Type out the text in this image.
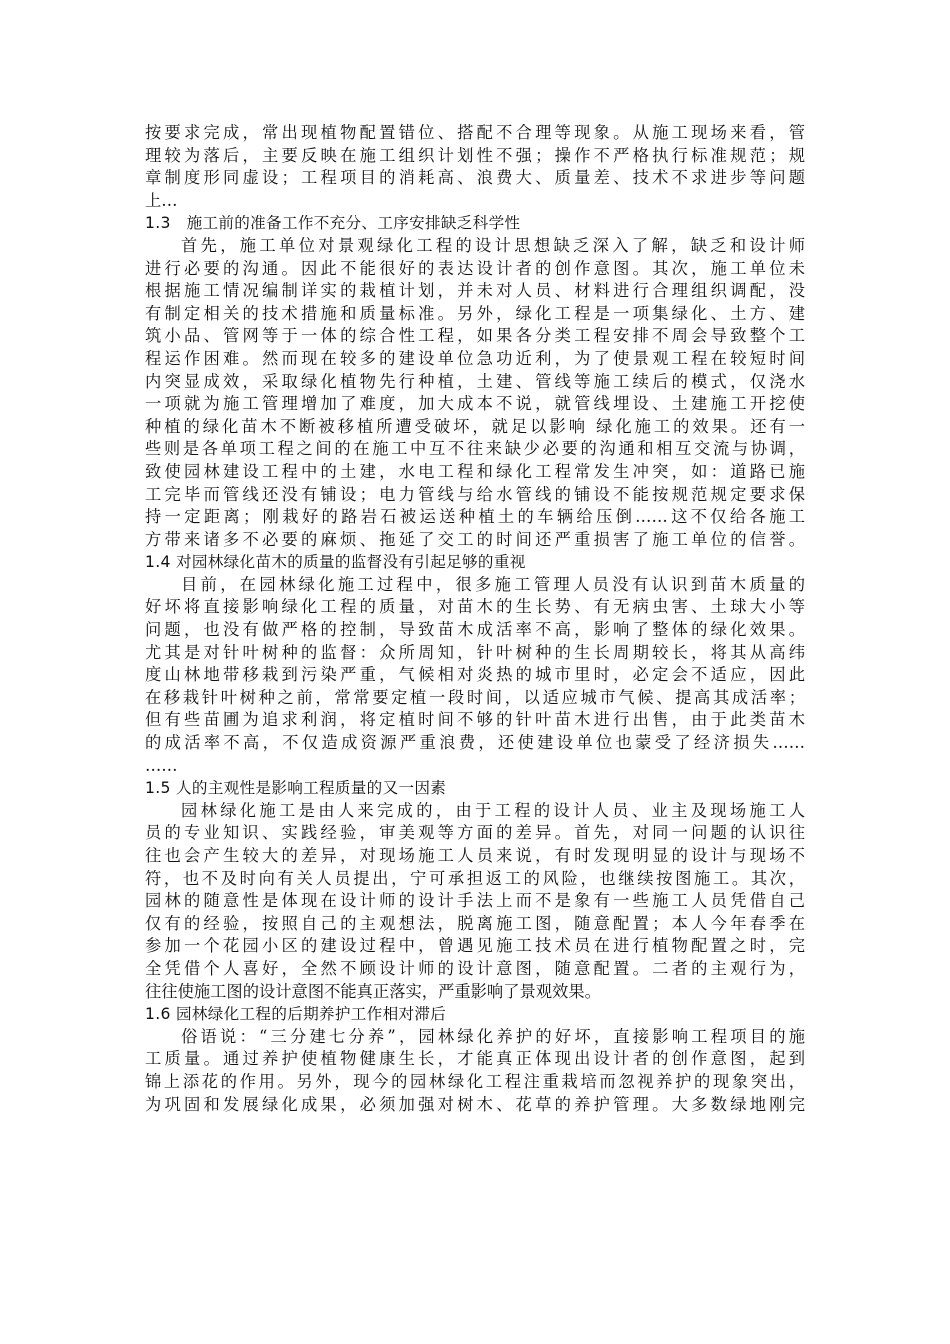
按要求完成，常出现植物配置错位、搭配不合理等现象。从施工现场来看，管
理较为落后，主要反映在施工组织计划性不强；操作不严格执行标准规范；规
章制度形同虚设；工程项目的消耗高、浪费大、质量差、技术不求进步等问题
上…
1.3　施工前的准备工作不充分、工序安排缺乏科学性
首先，施工单位对景观绿化工程的设计思想缺乏深入了解，缺乏和设计师
进行必要的沟通。因此不能很好的表达设计者的创作意图。其次，施工单位未
根据施工情况编制详实的栽植计划，并未对人员、材料进行合理组织调配，没
有制定相关的技术措施和质量标准。另外，绿化工程是一项集绿化、土方、建
筑小品、管网等于一体的综合性工程，如果各分类工程安排不周会导致整个工
程运作困难。然而现在较多的建设单位急功近利，为了使景观工程在较短时间
内突显成效，采取绿化植物先行种植，土建、管线等施工续后的模式，仅浇水
一项就为施工管理增加了难度，加大成本不说，就管线埋设、土建施工开挖使
种植的绿化苗木不断被移植所遭受破坏，就足以影响 绿化施工的效果。还有一
些则是各单项工程之间的在施工中互不往来缺少必要的沟通和相互交流与协调，
致使园林建设工程中的土建，水电工程和绿化工程常发生冲突，如：道路已施
工完毕而管线还没有铺设；电力管线与给水管线的铺设不能按规范规定要求保
持一定距离；刚栽好的路岩石被运送种植土的车辆给压倒……这不仅给各施工
方带来诸多不必要的麻烦、拖延了交工的时间还严重损害了施工单位的信誉。
1.4 对园林绿化苗木的质量的监督没有引起足够的重视
目前，在园林绿化施工过程中，很多施工管理人员没有认识到苗木质量的
好坏将直接影响绿化工程的质量，对苗木的生长势、有无病虫害、土球大小等
问题，也没有做严格的控制，导致苗木成活率不高，影响了整体的绿化效果。
尤其是对针叶树种的监督：众所周知，针叶树种的生长周期较长，将其从高纬
度山林地带移栽到污染严重，气候相对炎热的城市里时，必定会不适应，因此
在移栽针叶树种之前，常常要定植一段时间，以适应城市气候、提高其成活率；
但有些苗圃为追求利润，将定植时间不够的针叶苗木进行出售，由于此类苗木
的成活率不高，不仅造成资源严重浪费，还使建设单位也蒙受了经济损失……
……
1.5 人的主观性是影响工程质量的又一因素
园林绿化施工是由人来完成的，由于工程的设计人员、业主及现场施工人
员的专业知识、实践经验，审美观等方面的差异。首先，对同一问题的认识往
往也会产生较大的差异，对现场施工人员来说，有时发现明显的设计与现场不
符，也不及时向有关人员提出，宁可承担返工的风险，也继续按图施工。其次，
园林的随意性是体现在设计师的设计手法上而不是象有一些施工人员凭借自己
仅有的经验，按照自己的主观想法，脱离施工图，随意配置；本人今年春季在
参加一个花园小区的建设过程中，曾遇见施工技术员在进行植物配置之时，完
全凭借个人喜好，全然不顾设计师的设计意图，随意配置。二者的主观行为，
往往使施工图的设计意图不能真正落实，严重影响了景观效果。
1.6 园林绿化工程的后期养护工作相对滞后
俗语说：“三分建七分养”，园林绿化养护的好坏，直接影响工程项目的施
工质量。通过养护使植物健康生长，才能真正体现出设计者的创作意图，起到
锦上添花的作用。另外，现今的园林绿化工程注重栽培而忽视养护的现象突出，
为巩固和发展绿化成果，必须加强对树木、花草的养护管理。大多数绿地刚完
